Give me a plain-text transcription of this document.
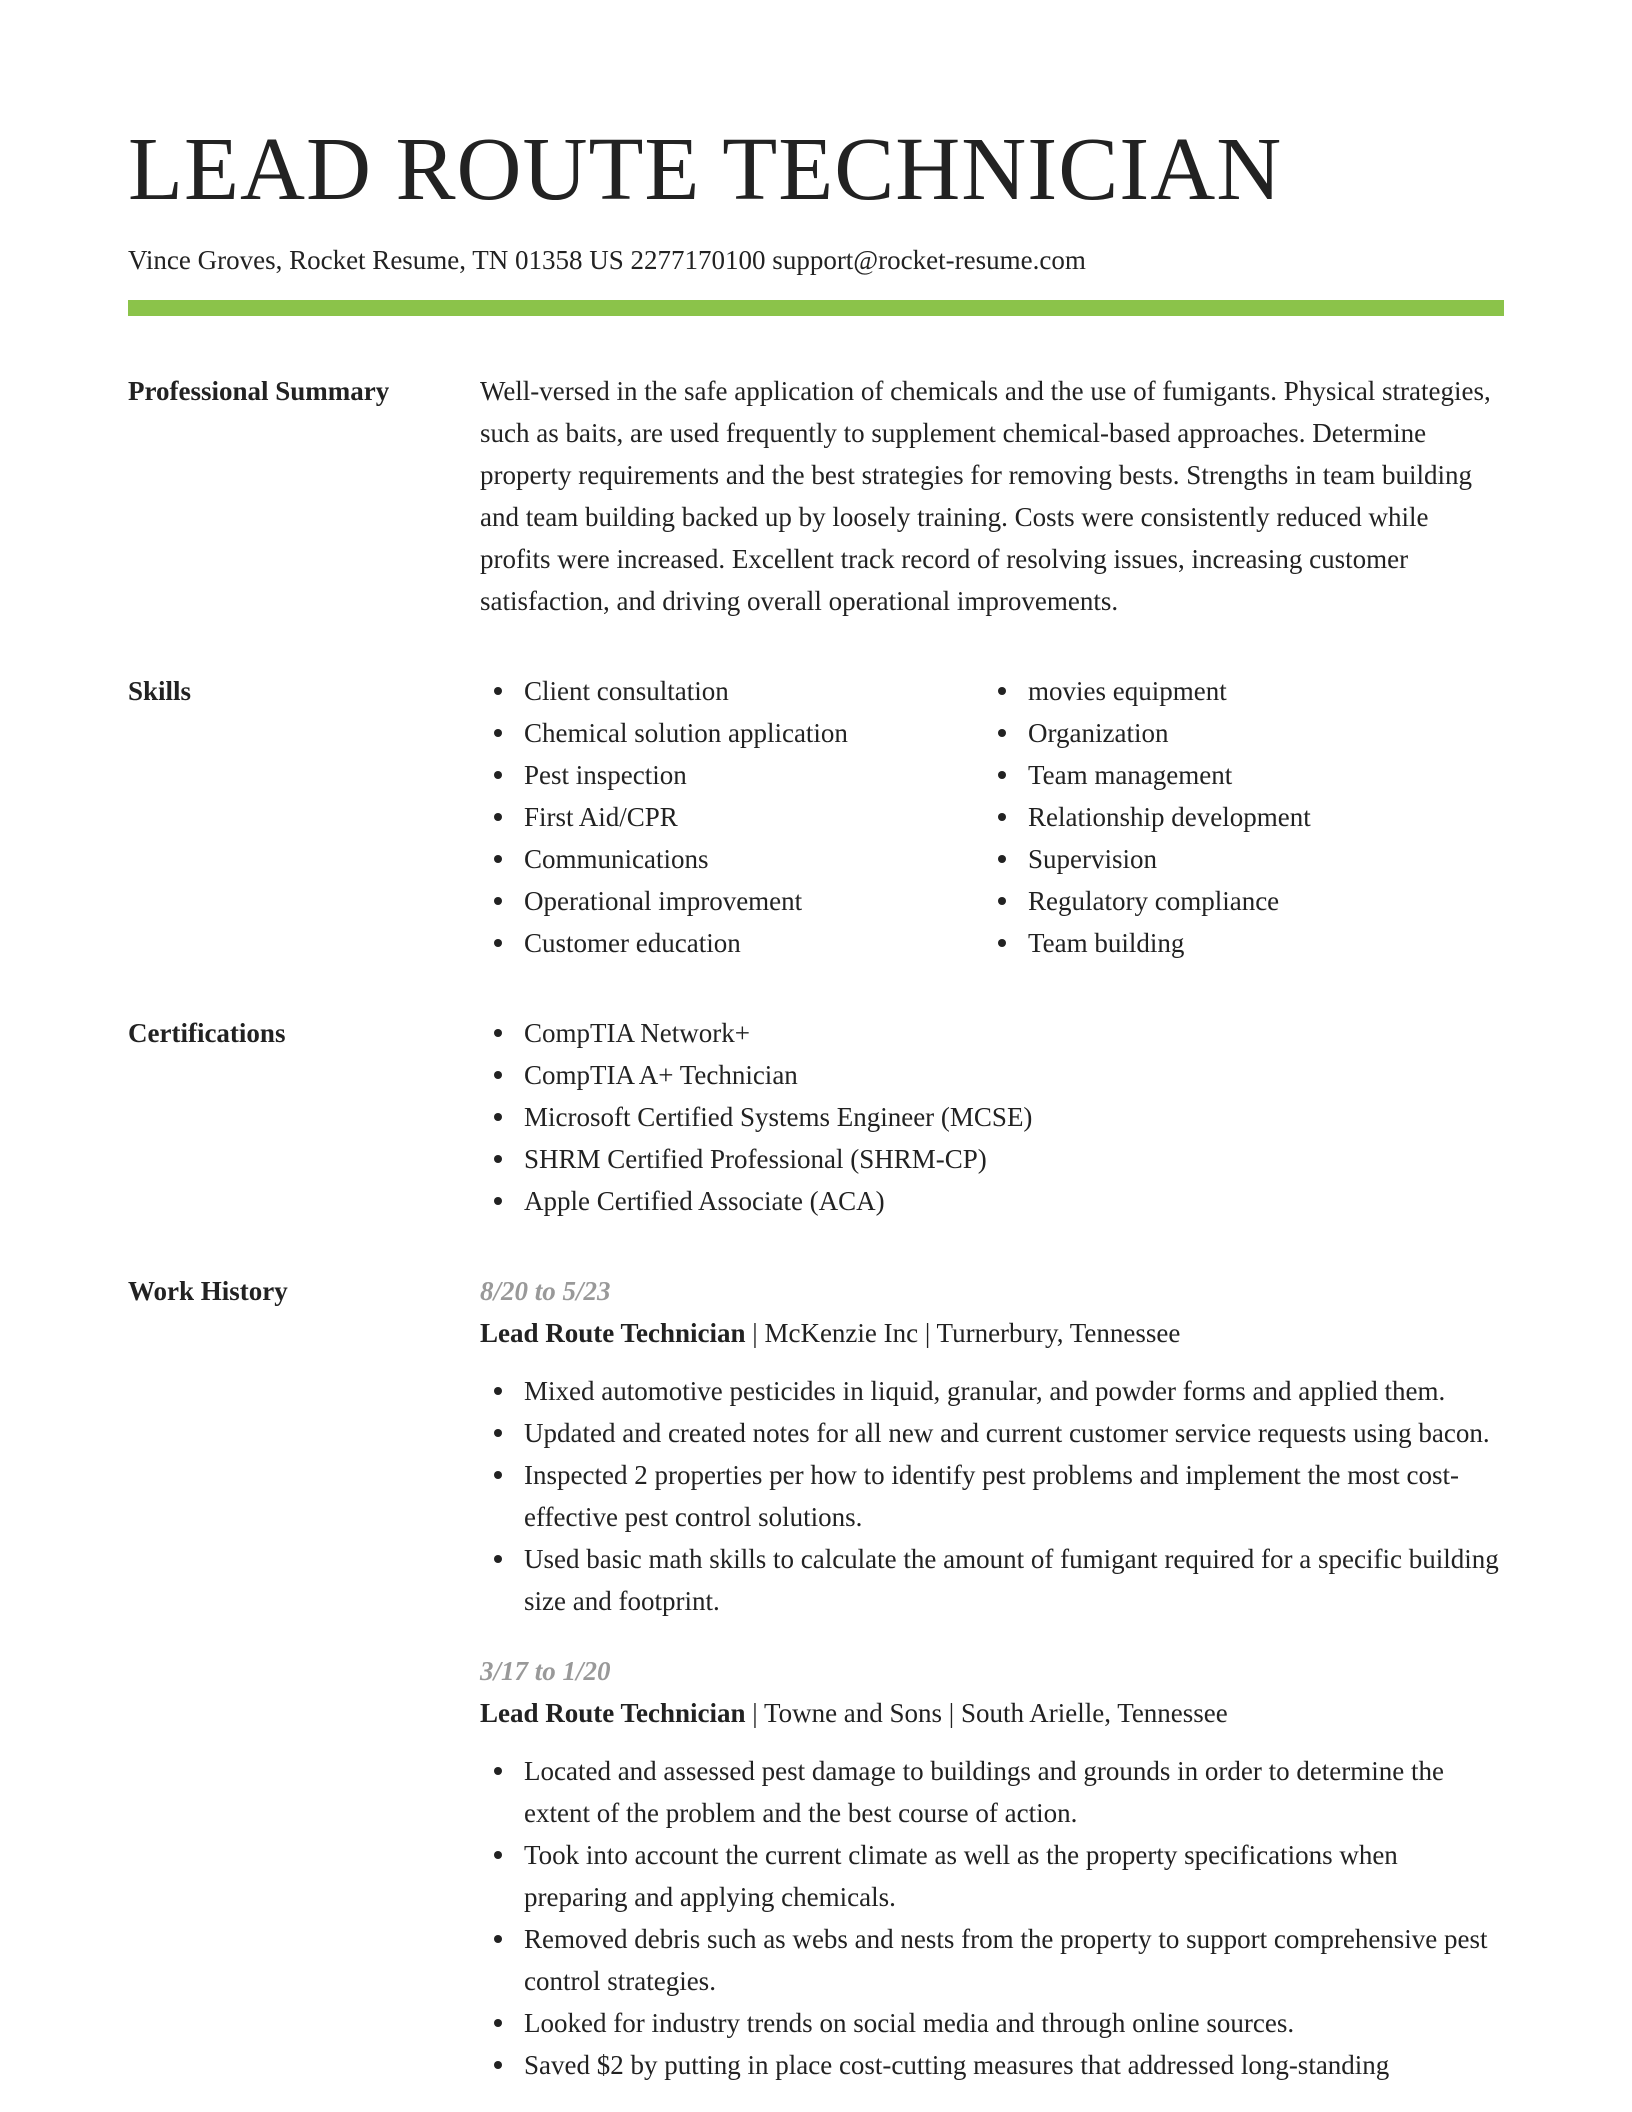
LEAD ROUTE TECHNICIAN
Vince Groves, Rocket Resume, TN 01358 US 2277170100 support@rocket-resume.com
Professional Summary	Well-versed in the safe application of chemicals and the use of fumigants. Physical strategies, such as baits, are used frequently to supplement chemical-based approaches. Determine property requirements and the best strategies for removing bests. Strengths in team building and team building backed up by loosely training. Costs were consistently reduced while profits were increased. Excellent track record of resolving issues, increasing customer satisfaction, and driving overall operational improvements.
Skills	Client consultation
Chemical solution application
Pest inspection
First Aid/CPR
Communications
Operational improvement
Customer education
movies equipment
Organization
Team management
Relationship development
Supervision
Regulatory compliance
Team building
Certifications	CompTIA Network+
CompTIA A+ Technician
Microsoft Certified Systems Engineer (MCSE)
SHRM Certified Professional (SHRM-CP)
Apple Certified Associate (ACA)
Work History	8/20 to 5/23
Lead Route Technician | McKenzie Inc | Turnerbury, Tennessee
Mixed automotive pesticides in liquid, granular, and powder forms and applied them.
Updated and created notes for all new and current customer service requests using bacon.
Inspected 2 properties per how to identify pest problems and implement the most cost-effective pest control solutions.
Used basic math skills to calculate the amount of fumigant required for a specific building size and footprint.
3/17 to 1/20
Lead Route Technician | Towne and Sons | South Arielle, Tennessee
Located and assessed pest damage to buildings and grounds in order to determine the extent of the problem and the best course of action.
Took into account the current climate as well as the property specifications when preparing and applying chemicals.
Removed debris such as webs and nests from the property to support comprehensive pest control strategies.
Looked for industry trends on social media and through online sources.
Saved $2 by putting in place cost-cutting measures that addressed long-standing
